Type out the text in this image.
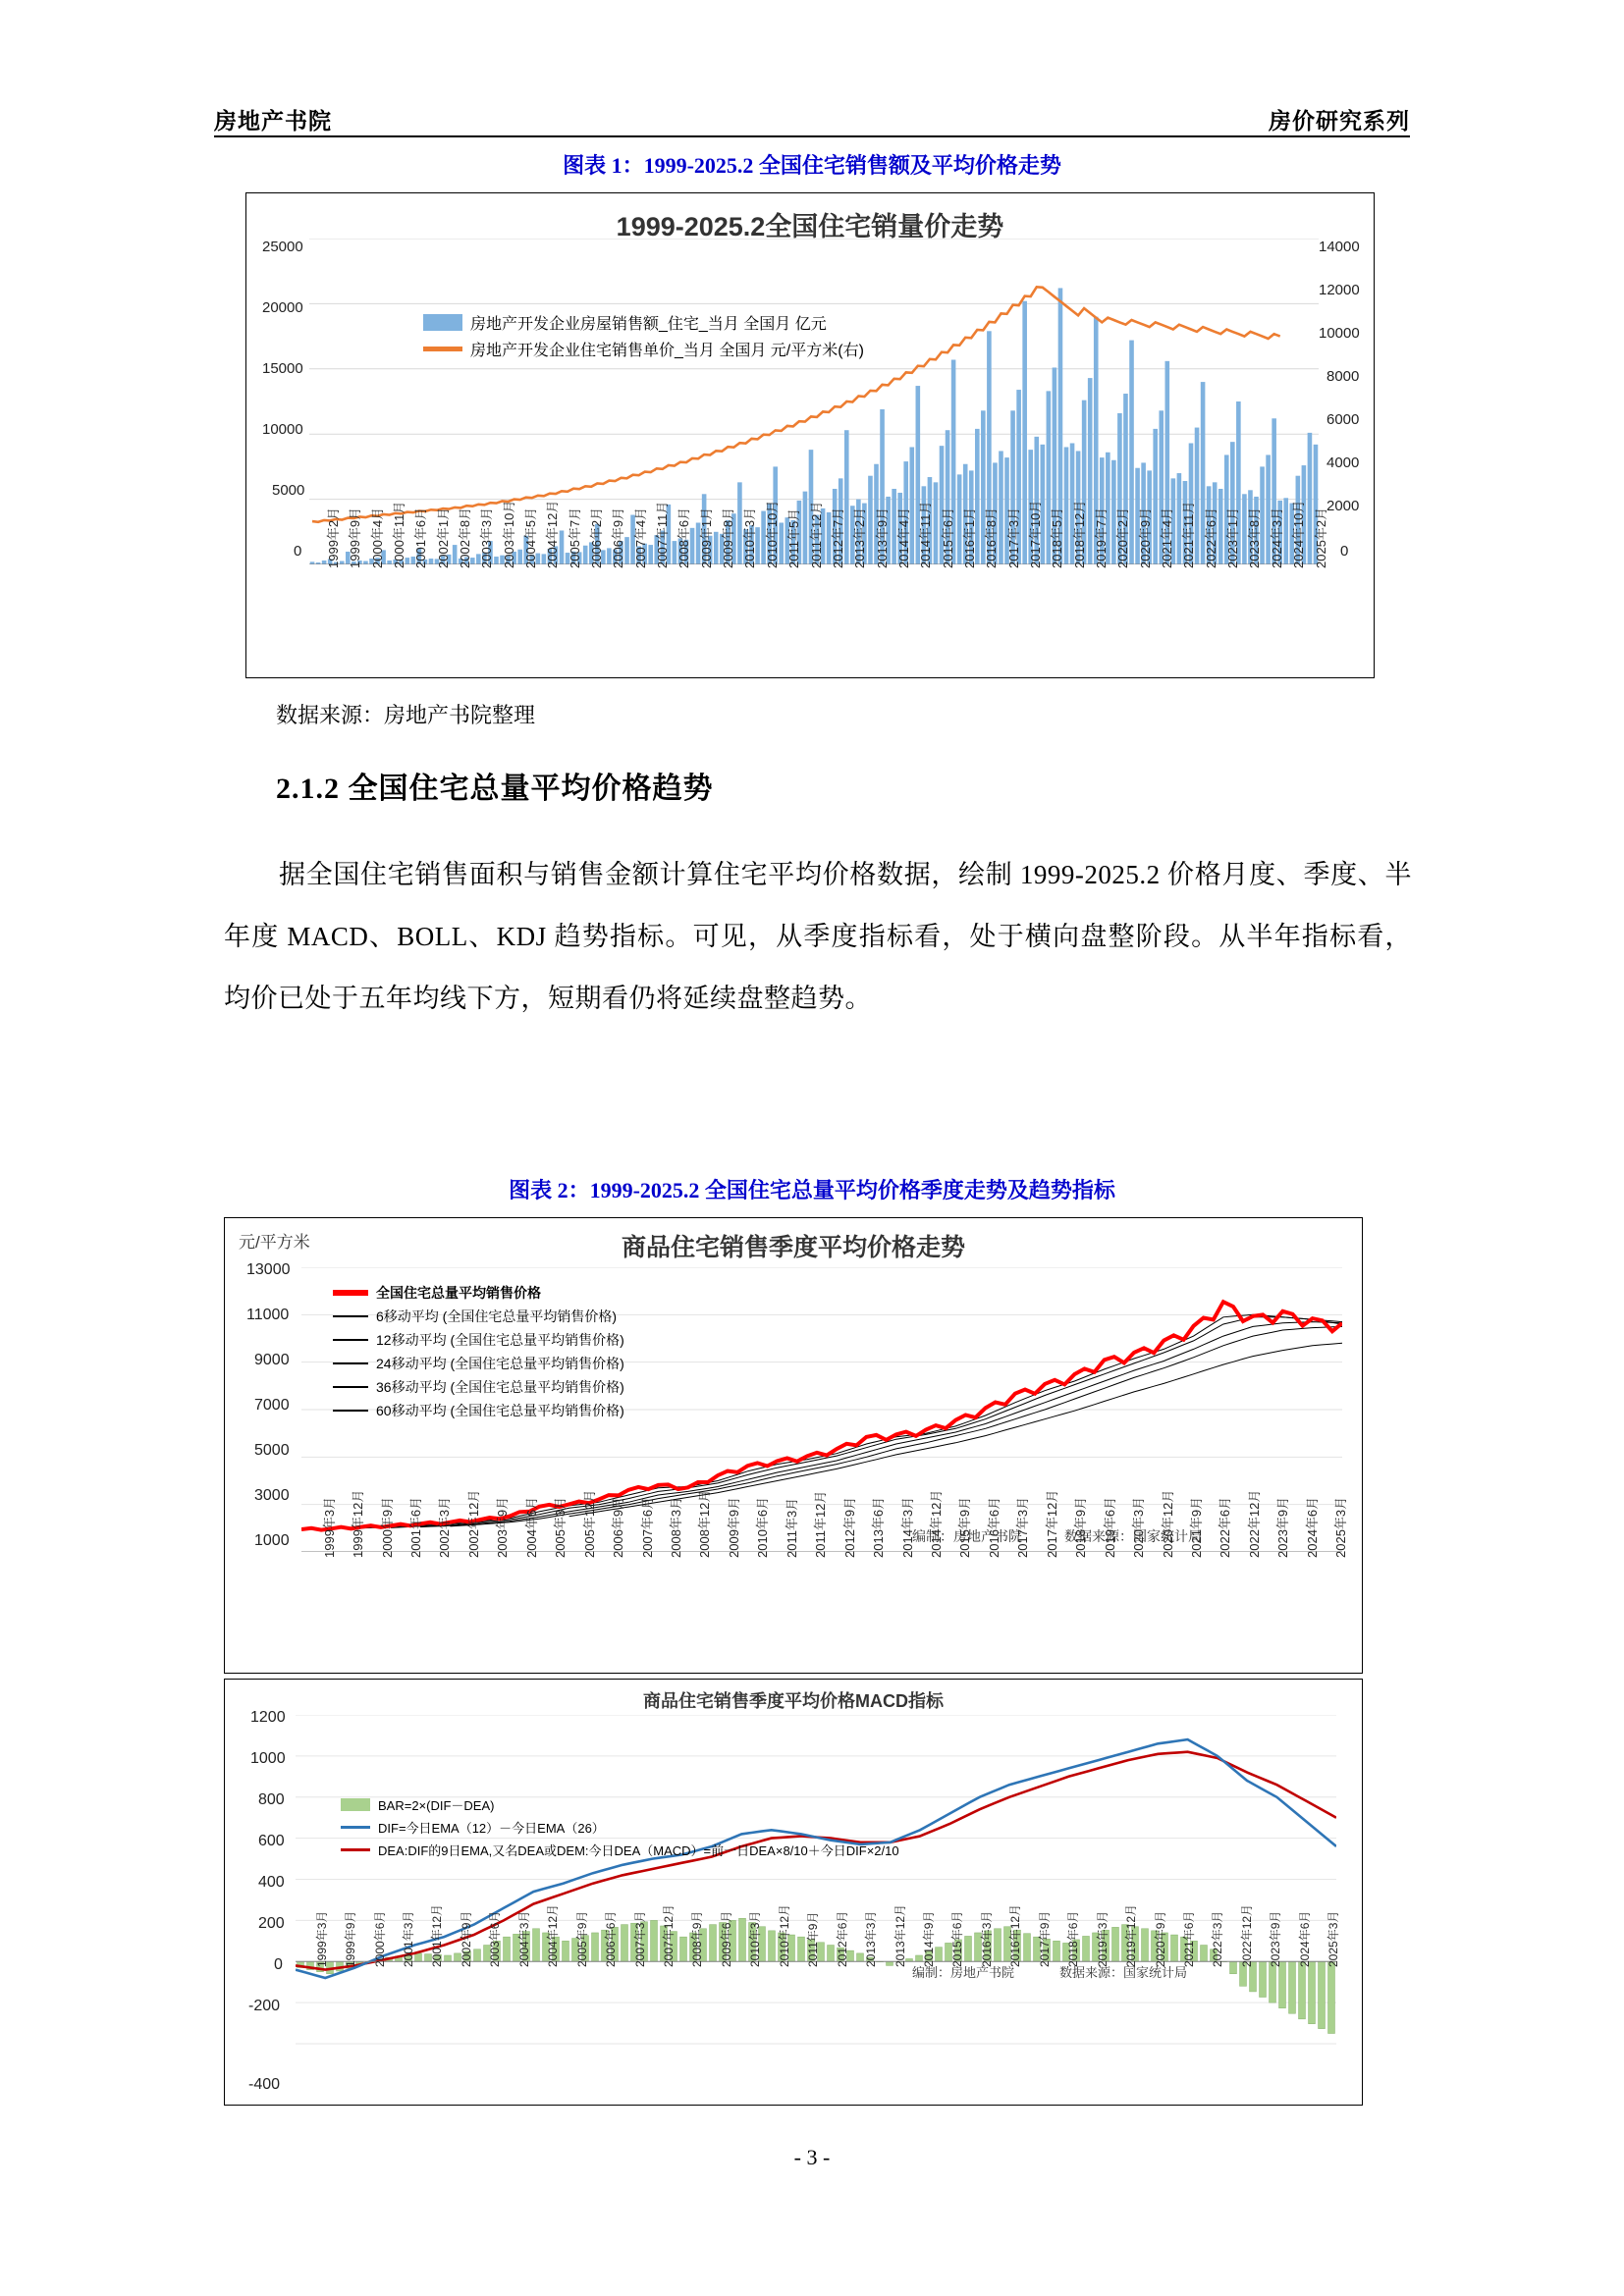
房地产书院	房价研究系列
图表 1：1999-2025.2 全国住宅销售额及平均价格走势
1999-2025.2全国住宅销量价走势
25000
20000
15000
10000
5000
0
14000
12000
10000
8000
6000
4000
2000
0
房地产开发企业房屋销售额_住宅_当月 全国月 亿元
房地产开发企业住宅销售单价_当月 全国月 元/平方米(右)
1999年2月 1999年9月 2000年4月 2000年11月 2001年6月 2002年1月 2002年8月 2003年3月 2003年10月 2004年5月 2004年12月 2005年7月 2006年2月 2006年9月 2007年4月 2007年11月 2008年6月 2009年1月 2009年8月 2010年3月 2010年10月 2011年5月 2011年12月 2012年7月 2013年2月 2013年9月 2014年4月 2014年11月 2015年6月 2016年1月 2016年8月 2017年3月 2017年10月 2018年5月 2018年12月 2019年7月 2020年2月 2020年9月 2021年4月 2021年11月 2022年6月 2023年1月 2023年8月 2024年3月 2024年10月 2025年2月
数据来源：房地产书院整理
2.1.2 全国住宅总量平均价格趋势
据全国住宅销售面积与销售金额计算住宅平均价格数据，绘制 1999-2025.2 价格月度、季度、半年度 MACD、BOLL、KDJ 趋势指标。可见，从季度指标看，处于横向盘整阶段。从半年指标看，均价已处于五年均线下方，短期看仍将延续盘整趋势。
图表 2：1999-2025.2 全国住宅总量平均价格季度走势及趋势指标
元/平方米	商品住宅销售季度平均价格走势
13000
11000
9000
7000
5000
3000
1000
全国住宅总量平均销售价格
6移动平均 (全国住宅总量平均销售价格)
12移动平均 (全国住宅总量平均销售价格)
24移动平均 (全国住宅总量平均销售价格)
36移动平均 (全国住宅总量平均销售价格)
60移动平均 (全国住宅总量平均销售价格)
编制：房地产书院	数据来源：国家统计局
1999年3月 1999年12月 2000年9月 2001年6月 2002年3月 2002年12月 2003年9月 2004年6月 2005年3月 2005年12月 2006年9月 2007年6月 2008年3月 2008年12月 2009年9月 2010年6月 2011年3月 2011年12月 2012年9月 2013年6月 2014年3月 2014年12月 2015年9月 2016年6月 2017年3月 2017年12月 2018年9月 2019年6月 2020年3月 2020年12月 2021年9月 2022年6月 2022年12月 2023年9月 2024年6月 2025年3月
商品住宅销售季度平均价格MACD指标
1200
1000
800
600
400
200
0
-200
-400
BAR=2×(DIF－DEA)
DIF=今日EMA（12）－今日EMA（26）
DEA:DIF的9日EMA,又名DEA或DEM:今日DEA（MACD）=前一日DEA×8/10＋今日DIF×2/10
编制：房地产书院	数据来源：国家统计局
1999年3月 1999年9月 2000年6月 2001年3月 2001年12月 2002年9月 2003年6月 2004年3月 2004年12月 2005年9月 2006年6月 2007年3月 2007年12月 2008年9月 2009年6月 2010年3月 2010年12月 2011年9月 2012年6月 2013年3月 2013年12月 2014年9月 2015年6月 2016年3月 2016年12月 2017年9月 2018年6月 2019年3月 2019年12月 2020年9月 2021年6月 2022年3月 2022年12月 2023年9月 2024年6月 2025年3月
- 3 -
